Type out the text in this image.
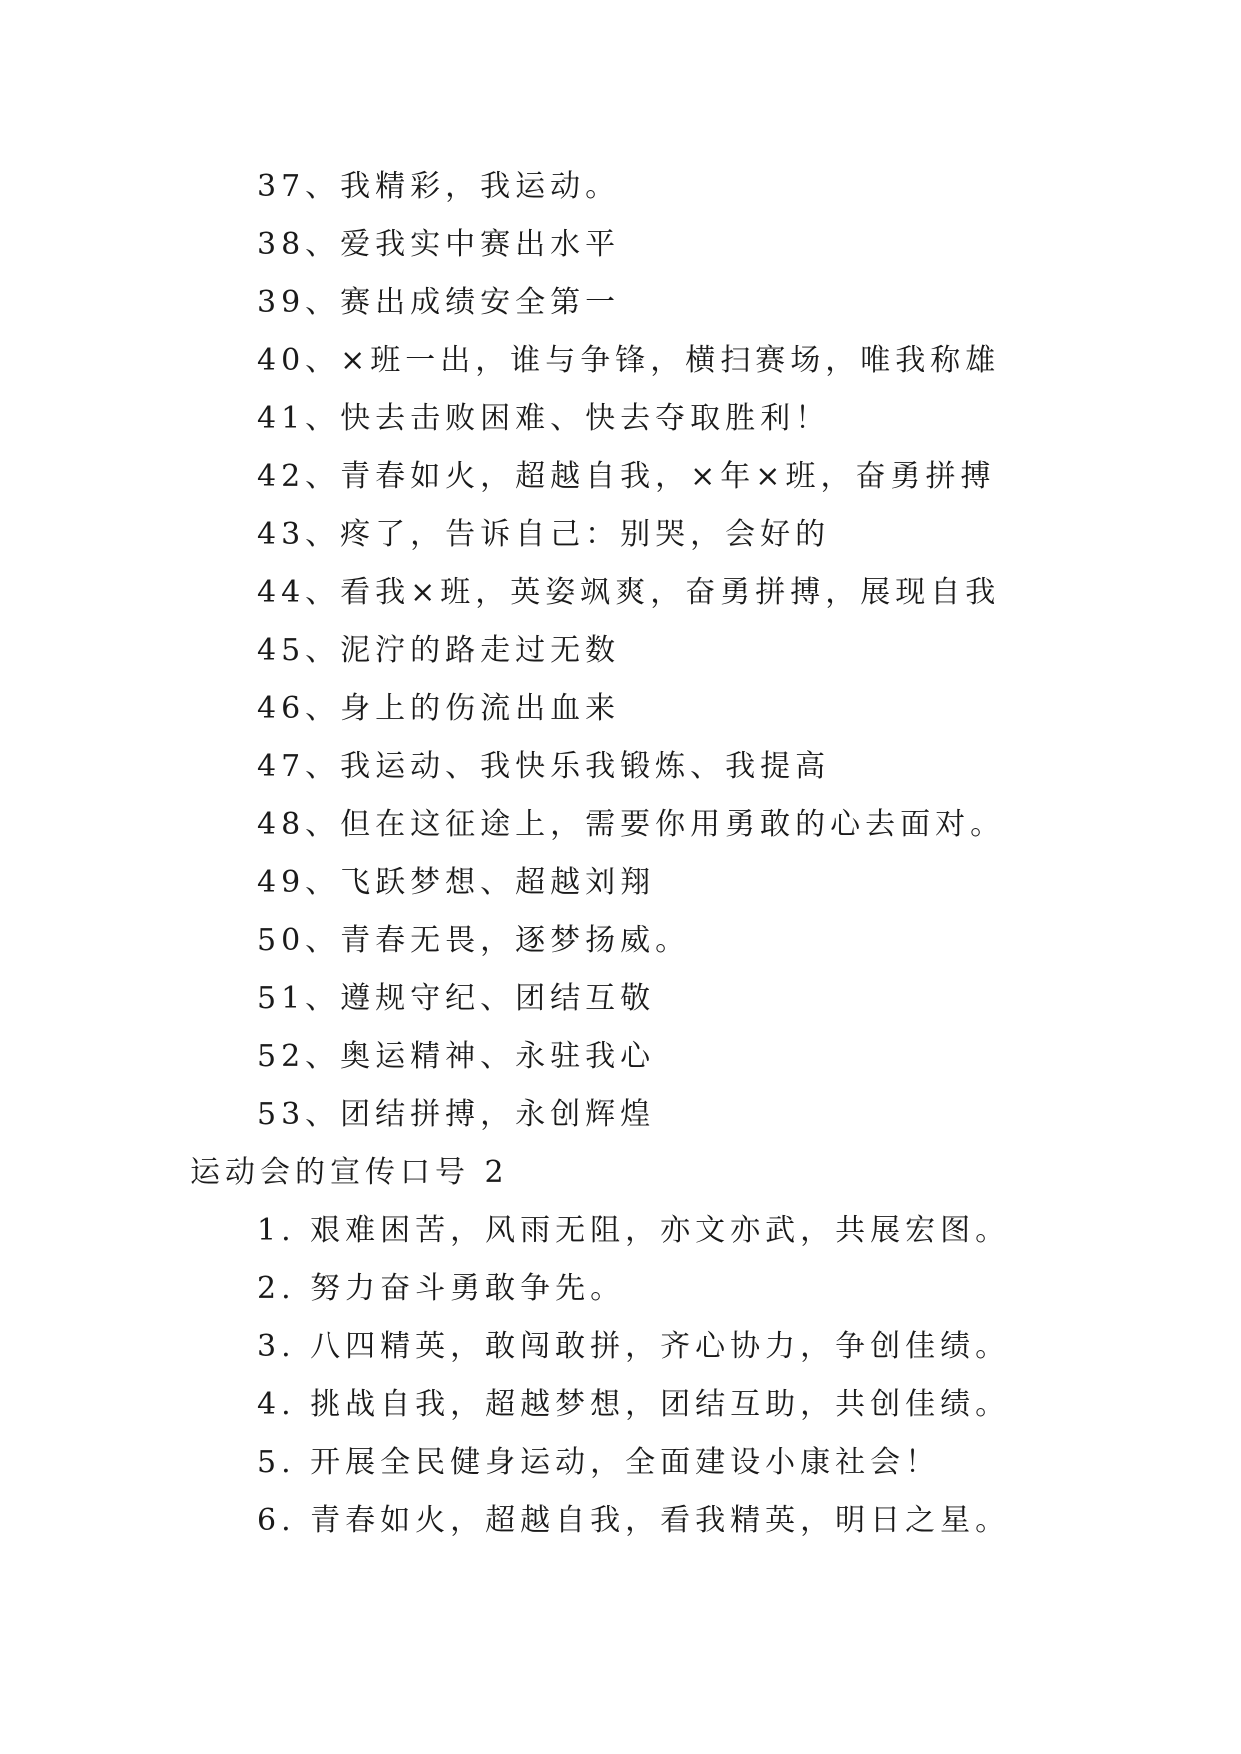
37、我精彩，我运动。
38、爱我实中赛出水平
39、赛出成绩安全第一
40、×班一出，谁与争锋，横扫赛场，唯我称雄
41、快去击败困难、快去夺取胜利！
42、青春如火，超越自我，×年×班，奋勇拼搏
43、疼了，告诉自己：别哭，会好的
44、看我×班，英姿飒爽，奋勇拼搏，展现自我
45、泥泞的路走过无数
46、身上的伤流出血来
47、我运动、我快乐我锻炼、我提高
48、但在这征途上，需要你用勇敢的心去面对。
49、飞跃梦想、超越刘翔
50、青春无畏，逐梦扬威。
51、遵规守纪、团结互敬
52、奥运精神、永驻我心
53、团结拼搏，永创辉煌
运动会的宣传口号 2
1. 艰难困苦，风雨无阻，亦文亦武，共展宏图。
2. 努力奋斗勇敢争先。
3. 八四精英，敢闯敢拼，齐心协力，争创佳绩。
4. 挑战自我，超越梦想，团结互助，共创佳绩。
5. 开展全民健身运动，全面建设小康社会！
6. 青春如火，超越自我，看我精英，明日之星。
